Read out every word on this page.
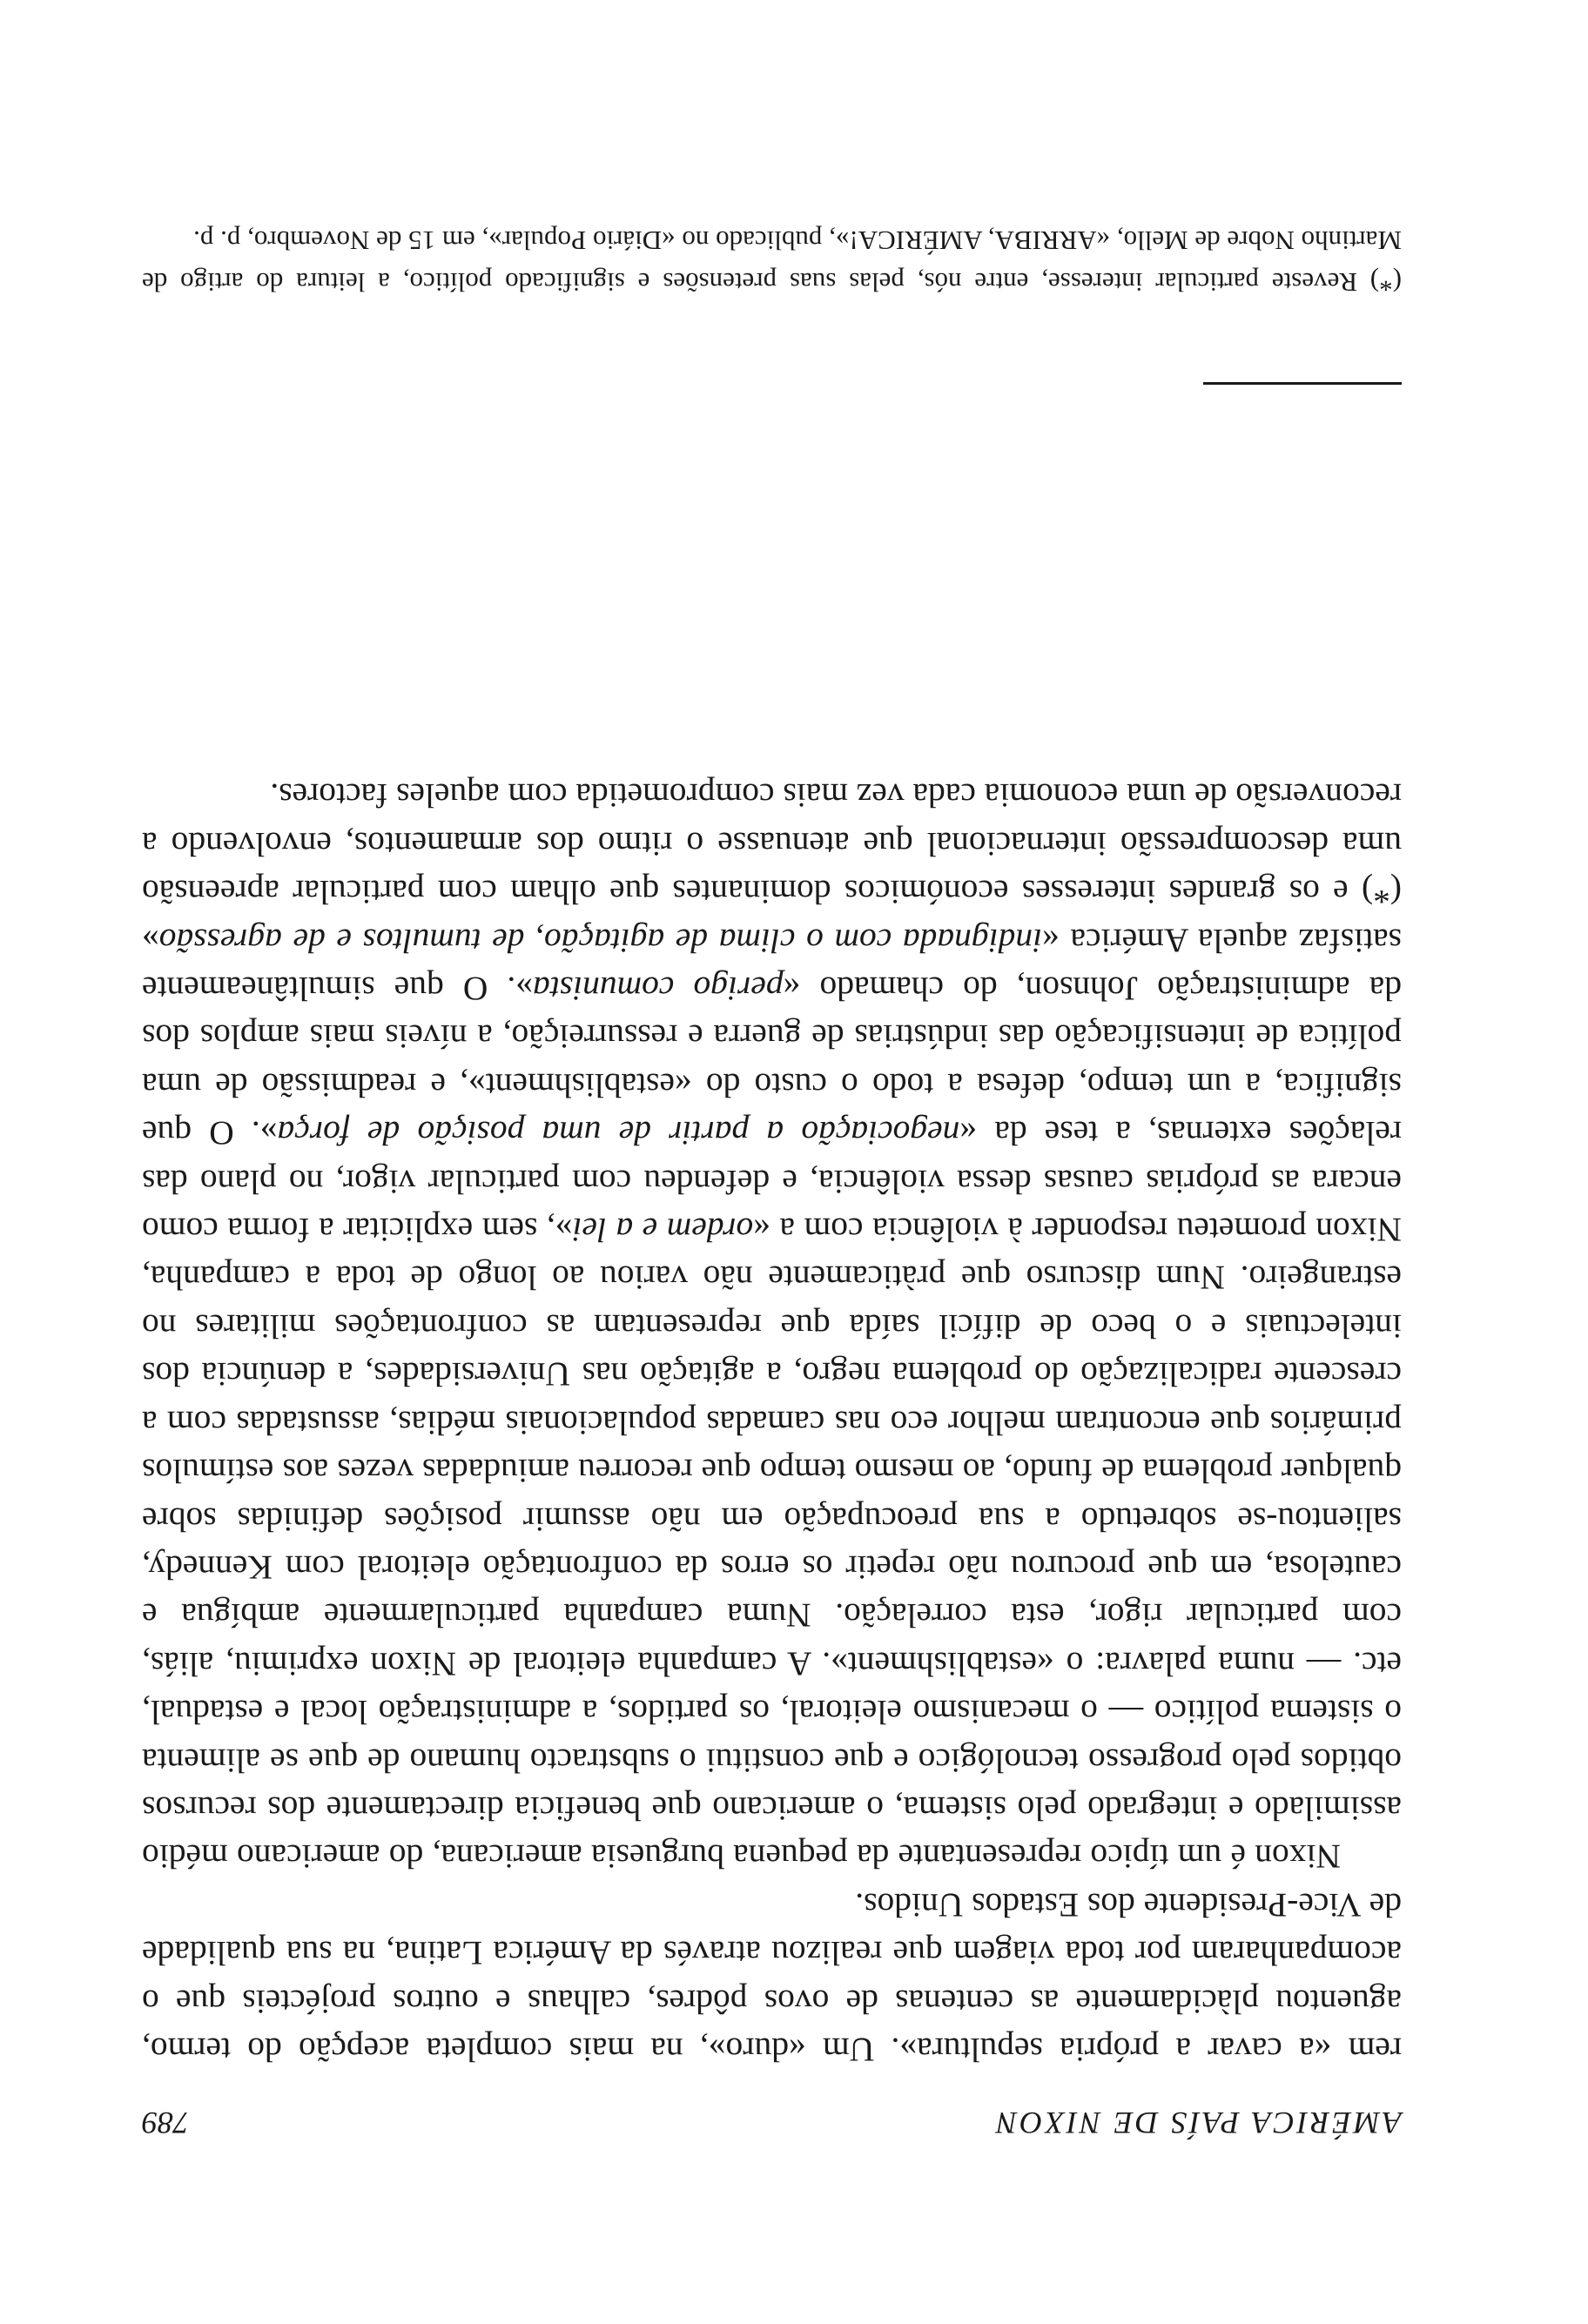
AMÉRICA PAÍS DE NIXON
789

rem «a cavar a própria sepultura». Um «duro», na mais completa acepção do termo, aguentou plàcidamente as centenas de ovos pôdres, calhaus e outros projécteis que o acompanharam por toda viagem que realizou através da América Latina, na sua qualidade de Vice-Presidente dos Estados Unidos.

Nixon é um típico representante da pequena burguesia americana, do americano médio assimilado e integrado pelo sistema, o americano que beneficia directamente dos recursos obtidos pelo progresso tecnológico e que constitui o substracto humano de que se alimenta o sistema político — o mecanismo eleitoral, os partidos, a administração local e estadual, etc. — numa palavra: o «establishment». A campanha eleitoral de Nixon exprimiu, aliás, com particular rigor, esta correlação. Numa campanha particularmente ambígua e cautelosa, em que procurou não repetir os erros da confrontação eleitoral com Kennedy, salientou-se sobretudo a sua preocupação em não assumir posições definidas sobre qualquer problema de fundo, ao mesmo tempo que recorreu amiudadas vezes aos estímulos primários que encontram melhor eco nas camadas populacionais médias, assustadas com a crescente radicalização do problema negro, a agitação nas Universidades, a denúncia dos intelectuais e o beco de difícil saída que representam as confrontações militares no estrangeiro. Num discurso que pràticamente não variou ao longo de toda a campanha, Nixon prometeu responder à violência com a «ordem e a lei», sem explicitar a forma como encara as próprias causas dessa violência, e defendeu com particular vigor, no plano das relações externas, a tese da «negociação a partir de uma posição de força». O que significa, a um tempo, defesa a todo o custo do «establishment», e readmissão de uma política de intensificação das indústrias de guerra e ressurreição, a níveis mais amplos dos da administração Johnson, do chamado «perigo comunista». O que simultâneamente satisfaz aquela América «indignada com o clima de agitação, de tumultos e de agressão» (*) e os grandes interesses económicos dominantes que olham com particular apreensão uma descompressão internacional que atenuasse o ritmo dos armamentos, envolvendo a reconversão de uma economia cada vez mais comprometida com aqueles factores.

(*) Reveste particular interesse, entre nós, pelas suas pretensões e significado político, a leitura do artigo de Martinho Nobre de Mello, «ARRIBA, AMÉRICA!», publicado no «Diário Popular», em 15 de Novembro, p. p.
